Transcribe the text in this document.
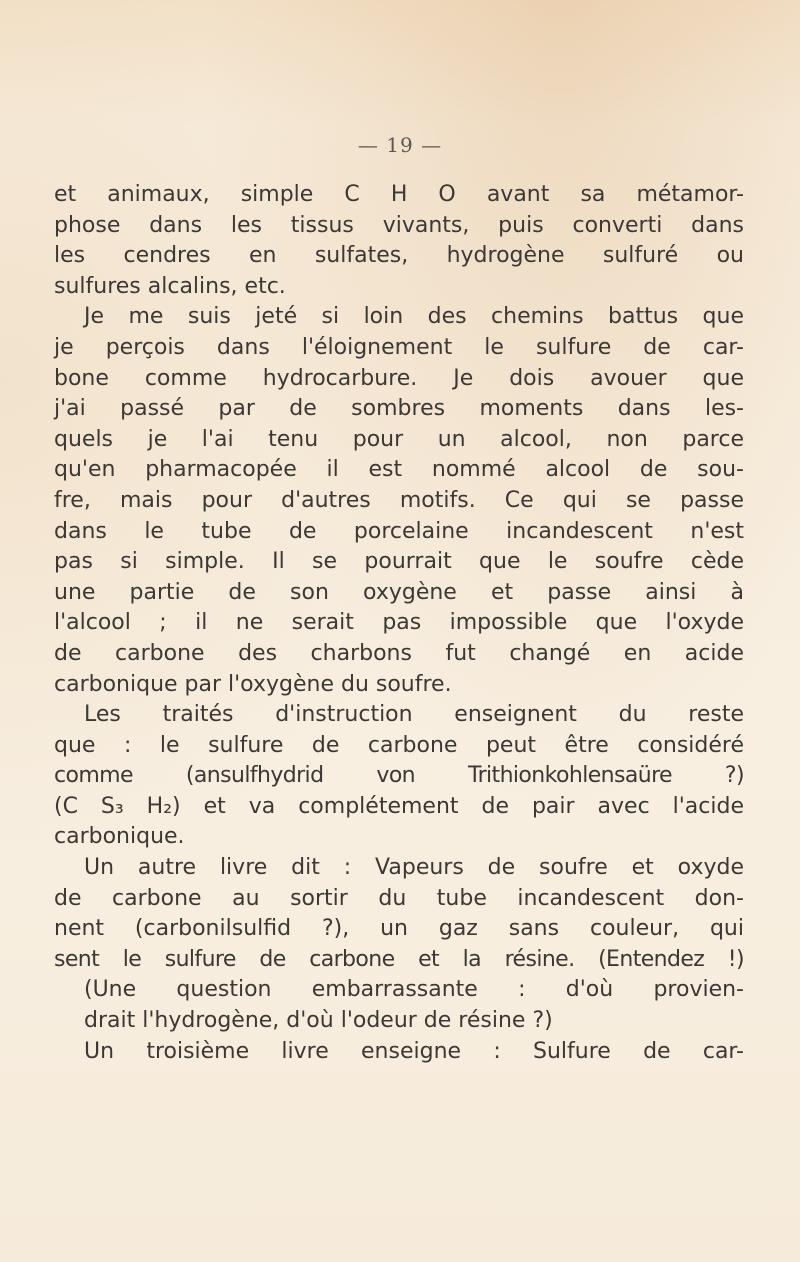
— 19 —
et animaux, simple C H O avant sa métamor-
phose dans les tissus vivants, puis converti dans
les cendres en sulfates, hydrogène sulfuré ou
sulfures alcalins, etc.
Je me suis jeté si loin des chemins battus que
je perçois dans l'éloignement le sulfure de car-
bone comme hydrocarbure. Je dois avouer que
j'ai passé par de sombres moments dans les-
quels je l'ai tenu pour un alcool, non parce
qu'en pharmacopée il est nommé alcool de sou-
fre, mais pour d'autres motifs. Ce qui se passe
dans le tube de porcelaine incandescent n'est
pas si simple. Il se pourrait que le soufre cède
une partie de son oxygène et passe ainsi à
l'alcool ; il ne serait pas impossible que l'oxyde
de carbone des charbons fut changé en acide
carbonique par l'oxygène du soufre.
Les traités d'instruction enseignent du reste
que : le sulfure de carbone peut être considéré
comme (ansulfhydrid von Trithionkohlensaüre ?)
(C S₃ H₂) et va complétement de pair avec l'acide
carbonique.
Un autre livre dit : Vapeurs de soufre et oxyde
de carbone au sortir du tube incandescent don-
nent (carbonilsulfid ?), un gaz sans couleur, qui
sent le sulfure de carbone et la résine. (Entendez !)
(Une question embarrassante : d'où provien-
drait l'hydrogène, d'où l'odeur de résine ?)
Un troisième livre enseigne : Sulfure de car-
